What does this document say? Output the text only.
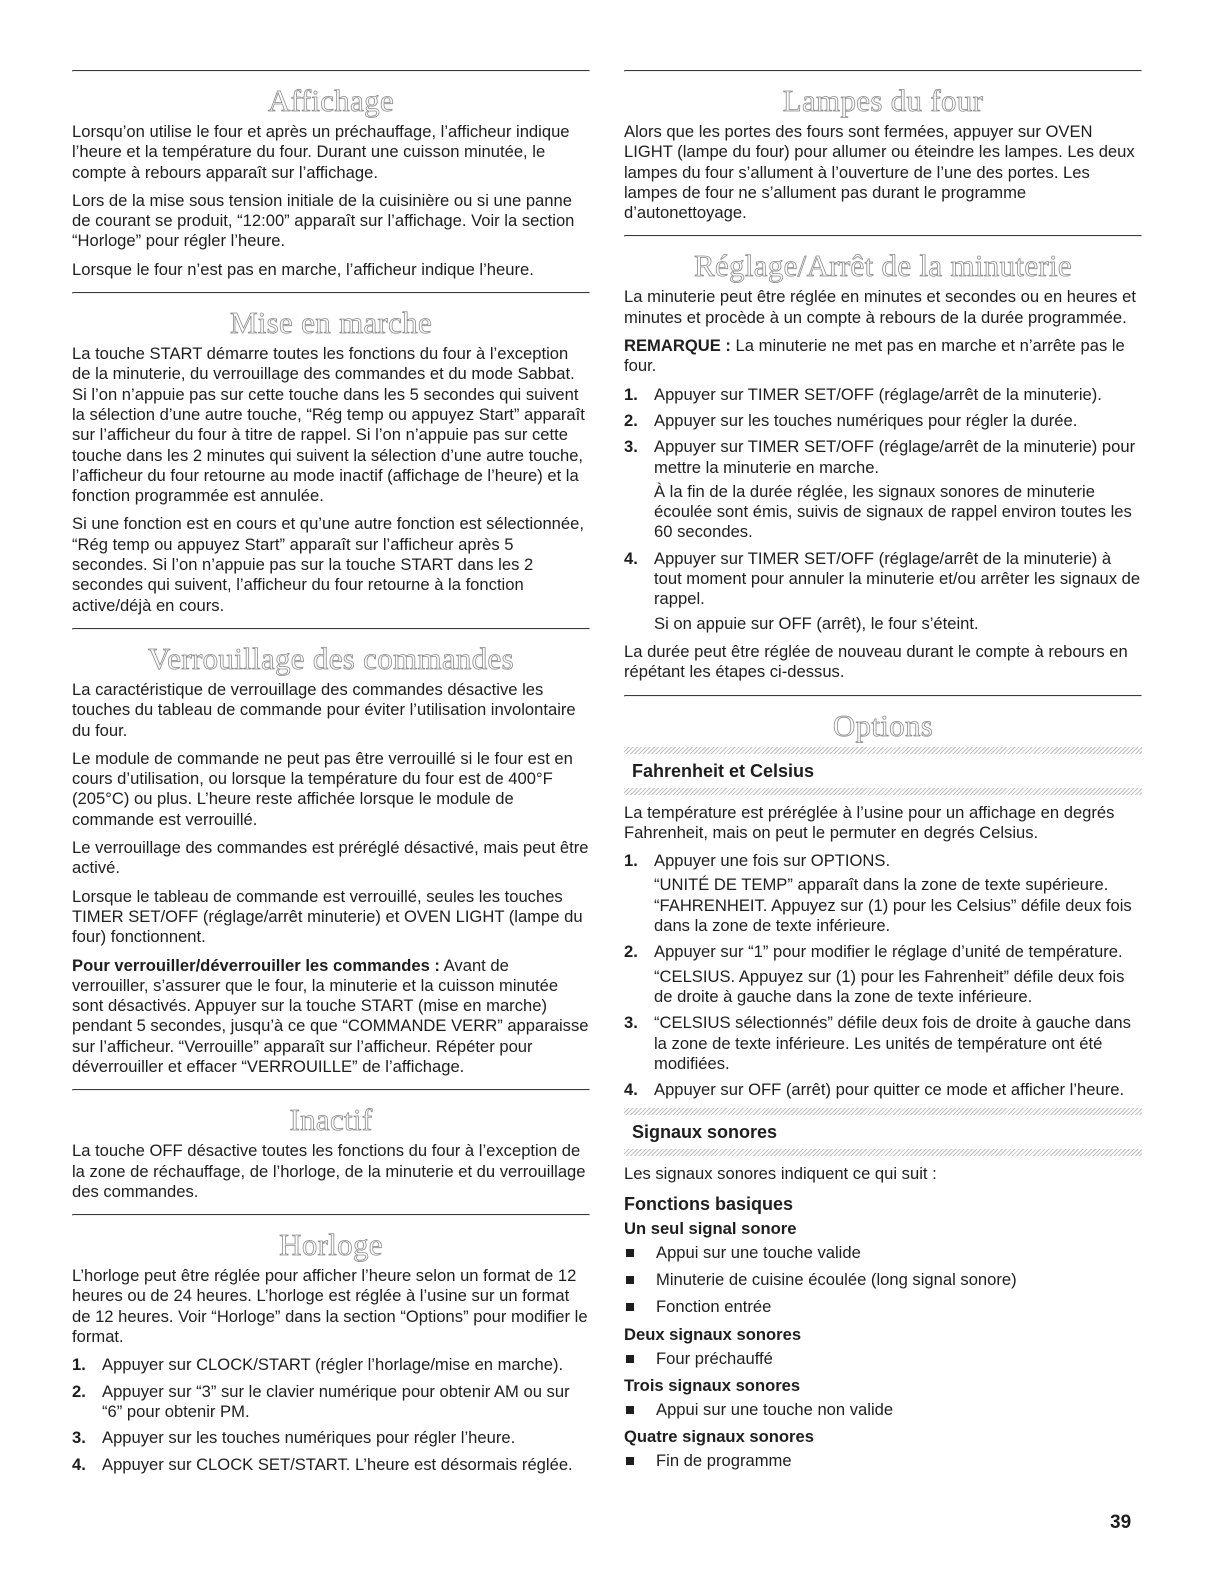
Affichage

Lorsqu’on utilise le four et après un préchauffage, l’afficheur indique l’heure et la température du four. Durant une cuisson minutée, le compte à rebours apparaît sur l’affichage.

Lors de la mise sous tension initiale de la cuisinière ou si une panne de courant se produit, “12:00” apparaît sur l’affichage. Voir la section “Horloge” pour régler l’heure.

Lorsque le four n’est pas en marche, l’afficheur indique l’heure.

Mise en marche

La touche START démarre toutes les fonctions du four à l’exception de la minuterie, du verrouillage des commandes et du mode Sabbat. Si l’on n’appuie pas sur cette touche dans les 5 secondes qui suivent la sélection d’une autre touche, “Rég temp ou appuyez Start” apparaît sur l’afficheur du four à titre de rappel. Si l’on n’appuie pas sur cette touche dans les 2 minutes qui suivent la sélection d’une autre touche, l’afficheur du four retourne au mode inactif (affichage de l’heure) et la fonction programmée est annulée.

Si une fonction est en cours et qu’une autre fonction est sélectionnée, “Rég temp ou appuyez Start” apparaît sur l’afficheur après 5 secondes. Si l’on n’appuie pas sur la touche START dans les 2 secondes qui suivent, l’afficheur du four retourne à la fonction active/déjà en cours.

Verrouillage des commandes

La caractéristique de verrouillage des commandes désactive les touches du tableau de commande pour éviter l’utilisation involontaire du four.

Le module de commande ne peut pas être verrouillé si le four est en cours d’utilisation, ou lorsque la température du four est de 400°F (205°C) ou plus. L’heure reste affichée lorsque le module de commande est verrouillé.

Le verrouillage des commandes est préréglé désactivé, mais peut être activé.

Lorsque le tableau de commande est verrouillé, seules les touches TIMER SET/OFF (réglage/arrêt minuterie) et OVEN LIGHT (lampe du four) fonctionnent.

Pour verrouiller/déverrouiller les commandes : Avant de verrouiller, s’assurer que le four, la minuterie et la cuisson minutée sont désactivés. Appuyer sur la touche START (mise en marche) pendant 5 secondes, jusqu’à ce que “COMMANDE VERR” apparaisse sur l’afficheur. “Verrouille” apparaît sur l’afficheur. Répéter pour déverrouiller et effacer “VERROUILLE” de l’affichage.

Inactif

La touche OFF désactive toutes les fonctions du four à l’exception de la zone de réchauffage, de l’horloge, de la minuterie et du verrouillage des commandes.

Horloge

L’horloge peut être réglée pour afficher l’heure selon un format de 12 heures ou de 24 heures. L’horloge est réglée à l’usine sur un format de 12 heures. Voir “Horloge” dans la section “Options” pour modifier le format.

1. Appuyer sur CLOCK/START (régler l’horlage/mise en marche).
2. Appuyer sur “3” sur le clavier numérique pour obtenir AM ou sur “6” pour obtenir PM.
3. Appuyer sur les touches numériques pour régler l’heure.
4. Appuyer sur CLOCK SET/START. L’heure est désormais réglée.
Lampes du four

Alors que les portes des fours sont fermées, appuyer sur OVEN LIGHT (lampe du four) pour allumer ou éteindre les lampes. Les deux lampes du four s’allument à l’ouverture de l’une des portes. Les lampes de four ne s’allument pas durant le programme d’autonettoyage.

Réglage/Arrêt de la minuterie

La minuterie peut être réglée en minutes et secondes ou en heures et minutes et procède à un compte à rebours de la durée programmée.

REMARQUE : La minuterie ne met pas en marche et n’arrête pas le four.

1. Appuyer sur TIMER SET/OFF (réglage/arrêt de la minuterie).
2. Appuyer sur les touches numériques pour régler la durée.
3. Appuyer sur TIMER SET/OFF (réglage/arrêt de la minuterie) pour mettre la minuterie en marche.
À la fin de la durée réglée, les signaux sonores de minuterie écoulée sont émis, suivis de signaux de rappel environ toutes les 60 secondes.
4. Appuyer sur TIMER SET/OFF (réglage/arrêt de la minuterie) à tout moment pour annuler la minuterie et/ou arrêter les signaux de rappel.
Si on appuie sur OFF (arrêt), le four s’éteint.

La durée peut être réglée de nouveau durant le compte à rebours en répétant les étapes ci-dessus.

Options
Fahrenheit et Celsius

La température est préréglée à l’usine pour un affichage en degrés Fahrenheit, mais on peut le permuter en degrés Celsius.

1. Appuyer une fois sur OPTIONS.
“UNITÉ DE TEMP” apparaît dans la zone de texte supérieure. “FAHRENHEIT. Appuyez sur (1) pour les Celsius” défile deux fois dans la zone de texte inférieure.
2. Appuyer sur “1” pour modifier le réglage d’unité de température.
“CELSIUS. Appuyez sur (1) pour les Fahrenheit” défile deux fois de droite à gauche dans la zone de texte inférieure.
3. “CELSIUS sélectionnés” défile deux fois de droite à gauche dans la zone de texte inférieure. Les unités de température ont été modifiées.
4. Appuyer sur OFF (arrêt) pour quitter ce mode et afficher l’heure.
Signaux sonores

Les signaux sonores indiquent ce qui suit :

Fonctions basiques
Un seul signal sonore
Appui sur une touche valide
Minuterie de cuisine écoulée (long signal sonore)
Fonction entrée
Deux signaux sonores
Four préchauffé
Trois signaux sonores
Appui sur une touche non valide
Quatre signaux sonores
Fin de programme
39
